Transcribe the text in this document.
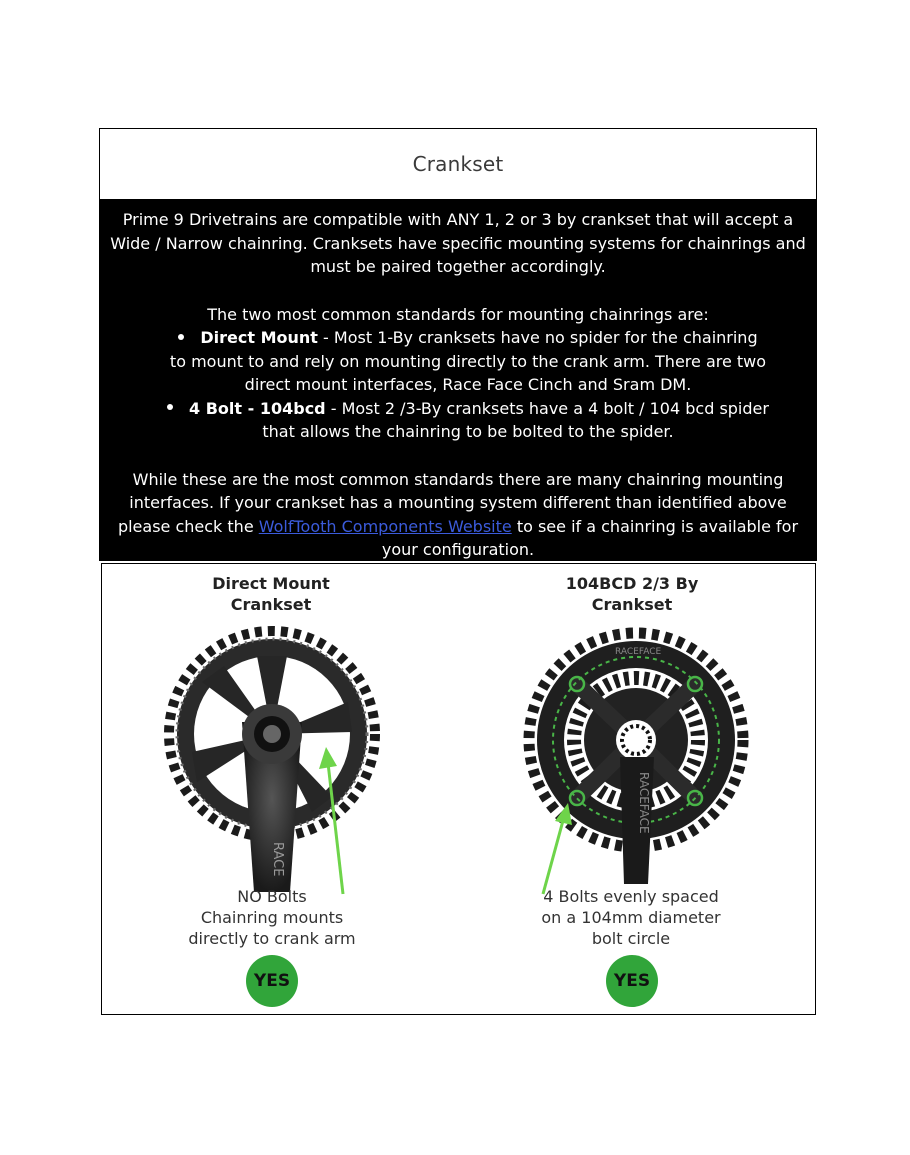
Crankset

Prime 9 Drivetrains are compatible with ANY 1, 2 or 3 by crankset that will accept a Wide / Narrow chainring. Cranksets have specific mounting systems for chainrings and must be paired together accordingly.

The two most common standards for mounting chainrings are:

Direct Mount - Most 1-By cranksets have no spider for the chainring to mount to and rely on mounting directly to the crank arm. There are two direct mount interfaces, Race Face Cinch and Sram DM.
4 Bolt - 104bcd - Most 2 /3-By cranksets have a 4 bolt / 104 bcd spider that allows the chainring to be bolted to the spider.

While these are the most common standards there are many chainring mounting interfaces. If your crankset has a mounting system different than identified above please check the WolfTooth Components Website to see if a chainring is available for your configuration.

Direct Mount
Crankset
RACE
NO Bolts
Chainring mounts
directly to crank arm
YES
104BCD 2/3 By
Crankset
RACEFACE
RACEFACE
4 Bolts evenly spaced
on a 104mm diameter
bolt circle
YES
